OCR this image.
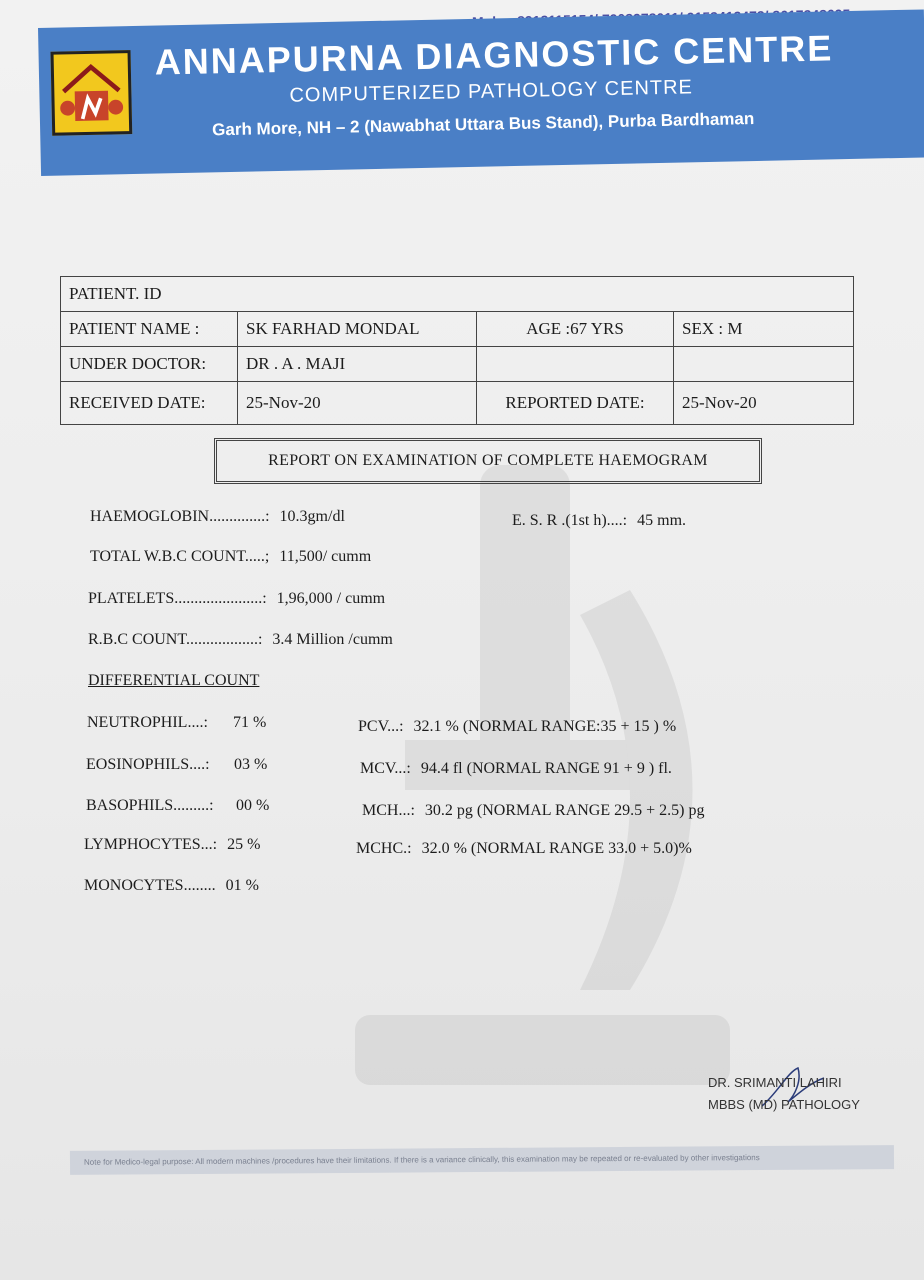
ANNAPURNA DIAGNOSTIC CENTRE
COMPUTERIZED PATHOLOGY CENTRE
Garh More, NH – 2 (Nawabhat Uttara Bus Stand), Purba Bardhaman
PATIENT. ID			
PATIENT NAME :	SK FARHAD MONDAL	AGE :67 YRS	SEX : M
UNDER DOCTOR:	DR . A . MAJI		
RECEIVED DATE:	25-Nov-20	REPORTED DATE:	25-Nov-20
REPORT ON EXAMINATION OF COMPLETE HAEMOGRAM
HAEMOGLOBIN..............: 10.3gm/dl	E. S. R .(1st h)....: 45 mm.
TOTAL W.B.C COUNT.....; 11,500/ cumm
PLATELETS......................: 1,96,000 / cumm
R.B.C COUNT..................: 3.4 Million /cumm
DIFFERENTIAL COUNT
NEUTROPHIL....: 71 %
EOSINOPHILS....: 03 %
BASOPHILS.........: 00 %
LYMPHOCYTES...: 25 %
MONOCYTES........ 01 %
PCV...: 32.1 % (NORMAL RANGE:35 + 15 ) %
MCV...: 94.4 fl (NORMAL RANGE 91 + 9 ) fl.
MCH...: 30.2 pg (NORMAL RANGE 29.5 + 2.5) pg
MCHC.: 32.0 % (NORMAL RANGE 33.0 + 5.0)%
DR. SRIMANTI LAHIRI
MBBS (MD) PATHOLOGY
Note for Medico-legal purpose: All modern machines /procedures have their limitations. If there is a variance clinically, this examination may be repeated or re-evaluated by other investigations
